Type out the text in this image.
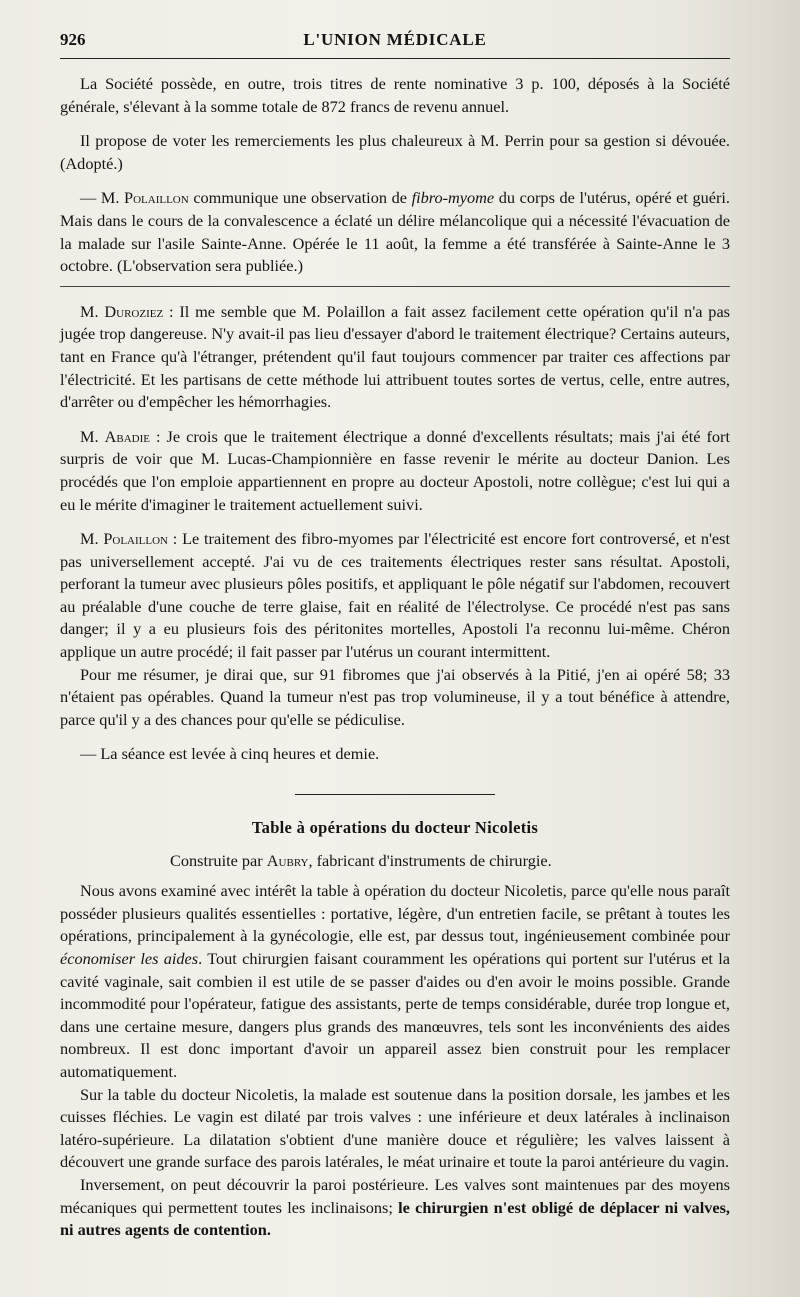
926	L'UNION MÉDICALE

La Société possède, en outre, trois titres de rente nominative 3 p. 100, déposés à la Société générale, s'élevant à la somme totale de 872 francs de revenu annuel.

Il propose de voter les remerciements les plus chaleureux à M. Perrin pour sa gestion si dévouée. (Adopté.)

— M. Polaillon communique une observation de fibro-myome du corps de l'utérus, opéré et guéri. Mais dans le cours de la convalescence a éclaté un délire mélancolique qui a nécessité l'évacuation de la malade sur l'asile Sainte-Anne. Opérée le 11 août, la femme a été transférée à Sainte-Anne le 3 octobre. (L'observation sera publiée.)

M. Duroziez : Il me semble que M. Polaillon a fait assez facilement cette opération qu'il n'a pas jugée trop dangereuse. N'y avait-il pas lieu d'essayer d'abord le traitement électrique? Certains auteurs, tant en France qu'à l'étranger, prétendent qu'il faut toujours commencer par traiter ces affections par l'électricité. Et les partisans de cette méthode lui attribuent toutes sortes de vertus, celle, entre autres, d'arrêter ou d'empêcher les hémorrhagies.

M. Abadie : Je crois que le traitement électrique a donné d'excellents résultats; mais j'ai été fort surpris de voir que M. Lucas-Championnière en fasse revenir le mérite au docteur Danion. Les procédés que l'on emploie appartiennent en propre au docteur Apostoli, notre collègue; c'est lui qui a eu le mérite d'imaginer le traitement actuellement suivi.

M. Polaillon : Le traitement des fibro-myomes par l'électricité est encore fort controversé, et n'est pas universellement accepté. J'ai vu de ces traitements électriques rester sans résultat. Apostoli, perforant la tumeur avec plusieurs pôles positifs, et appliquant le pôle négatif sur l'abdomen, recouvert au préalable d'une couche de terre glaise, fait en réalité de l'électrolyse. Ce procédé n'est pas sans danger; il y a eu plusieurs fois des péritonites mortelles, Apostoli l'a reconnu lui-même. Chéron applique un autre procédé; il fait passer par l'utérus un courant intermittent.

Pour me résumer, je dirai que, sur 91 fibromes que j'ai observés à la Pitié, j'en ai opéré 58; 33 n'étaient pas opérables. Quand la tumeur n'est pas trop volumineuse, il y a tout bénéfice à attendre, parce qu'il y a des chances pour qu'elle se pédiculise.

— La séance est levée à cinq heures et demie.

Table à opérations du docteur Nicoletis

Construite par Aubry, fabricant d'instruments de chirurgie.

Nous avons examiné avec intérêt la table à opération du docteur Nicoletis, parce qu'elle nous paraît posséder plusieurs qualités essentielles : portative, légère, d'un entretien facile, se prêtant à toutes les opérations, principalement à la gynécologie, elle est, par dessus tout, ingénieusement combinée pour économiser les aides. Tout chirurgien faisant couramment les opérations qui portent sur l'utérus et la cavité vaginale, sait combien il est utile de se passer d'aides ou d'en avoir le moins possible. Grande incommodité pour l'opérateur, fatigue des assistants, perte de temps considérable, durée trop longue et, dans une certaine mesure, dangers plus grands des manœuvres, tels sont les inconvénients des aides nombreux. Il est donc important d'avoir un appareil assez bien construit pour les remplacer automatiquement.

Sur la table du docteur Nicoletis, la malade est soutenue dans la position dorsale, les jambes et les cuisses fléchies. Le vagin est dilaté par trois valves : une inférieure et deux latérales à inclinaison latéro-supérieure. La dilatation s'obtient d'une manière douce et régulière; les valves laissent à découvert une grande surface des parois latérales, le méat urinaire et toute la paroi antérieure du vagin.

Inversement, on peut découvrir la paroi postérieure. Les valves sont maintenues par des moyens mécaniques qui permettent toutes les inclinaisons; le chirurgien n'est obligé de déplacer ni valves, ni autres agents de contention.
